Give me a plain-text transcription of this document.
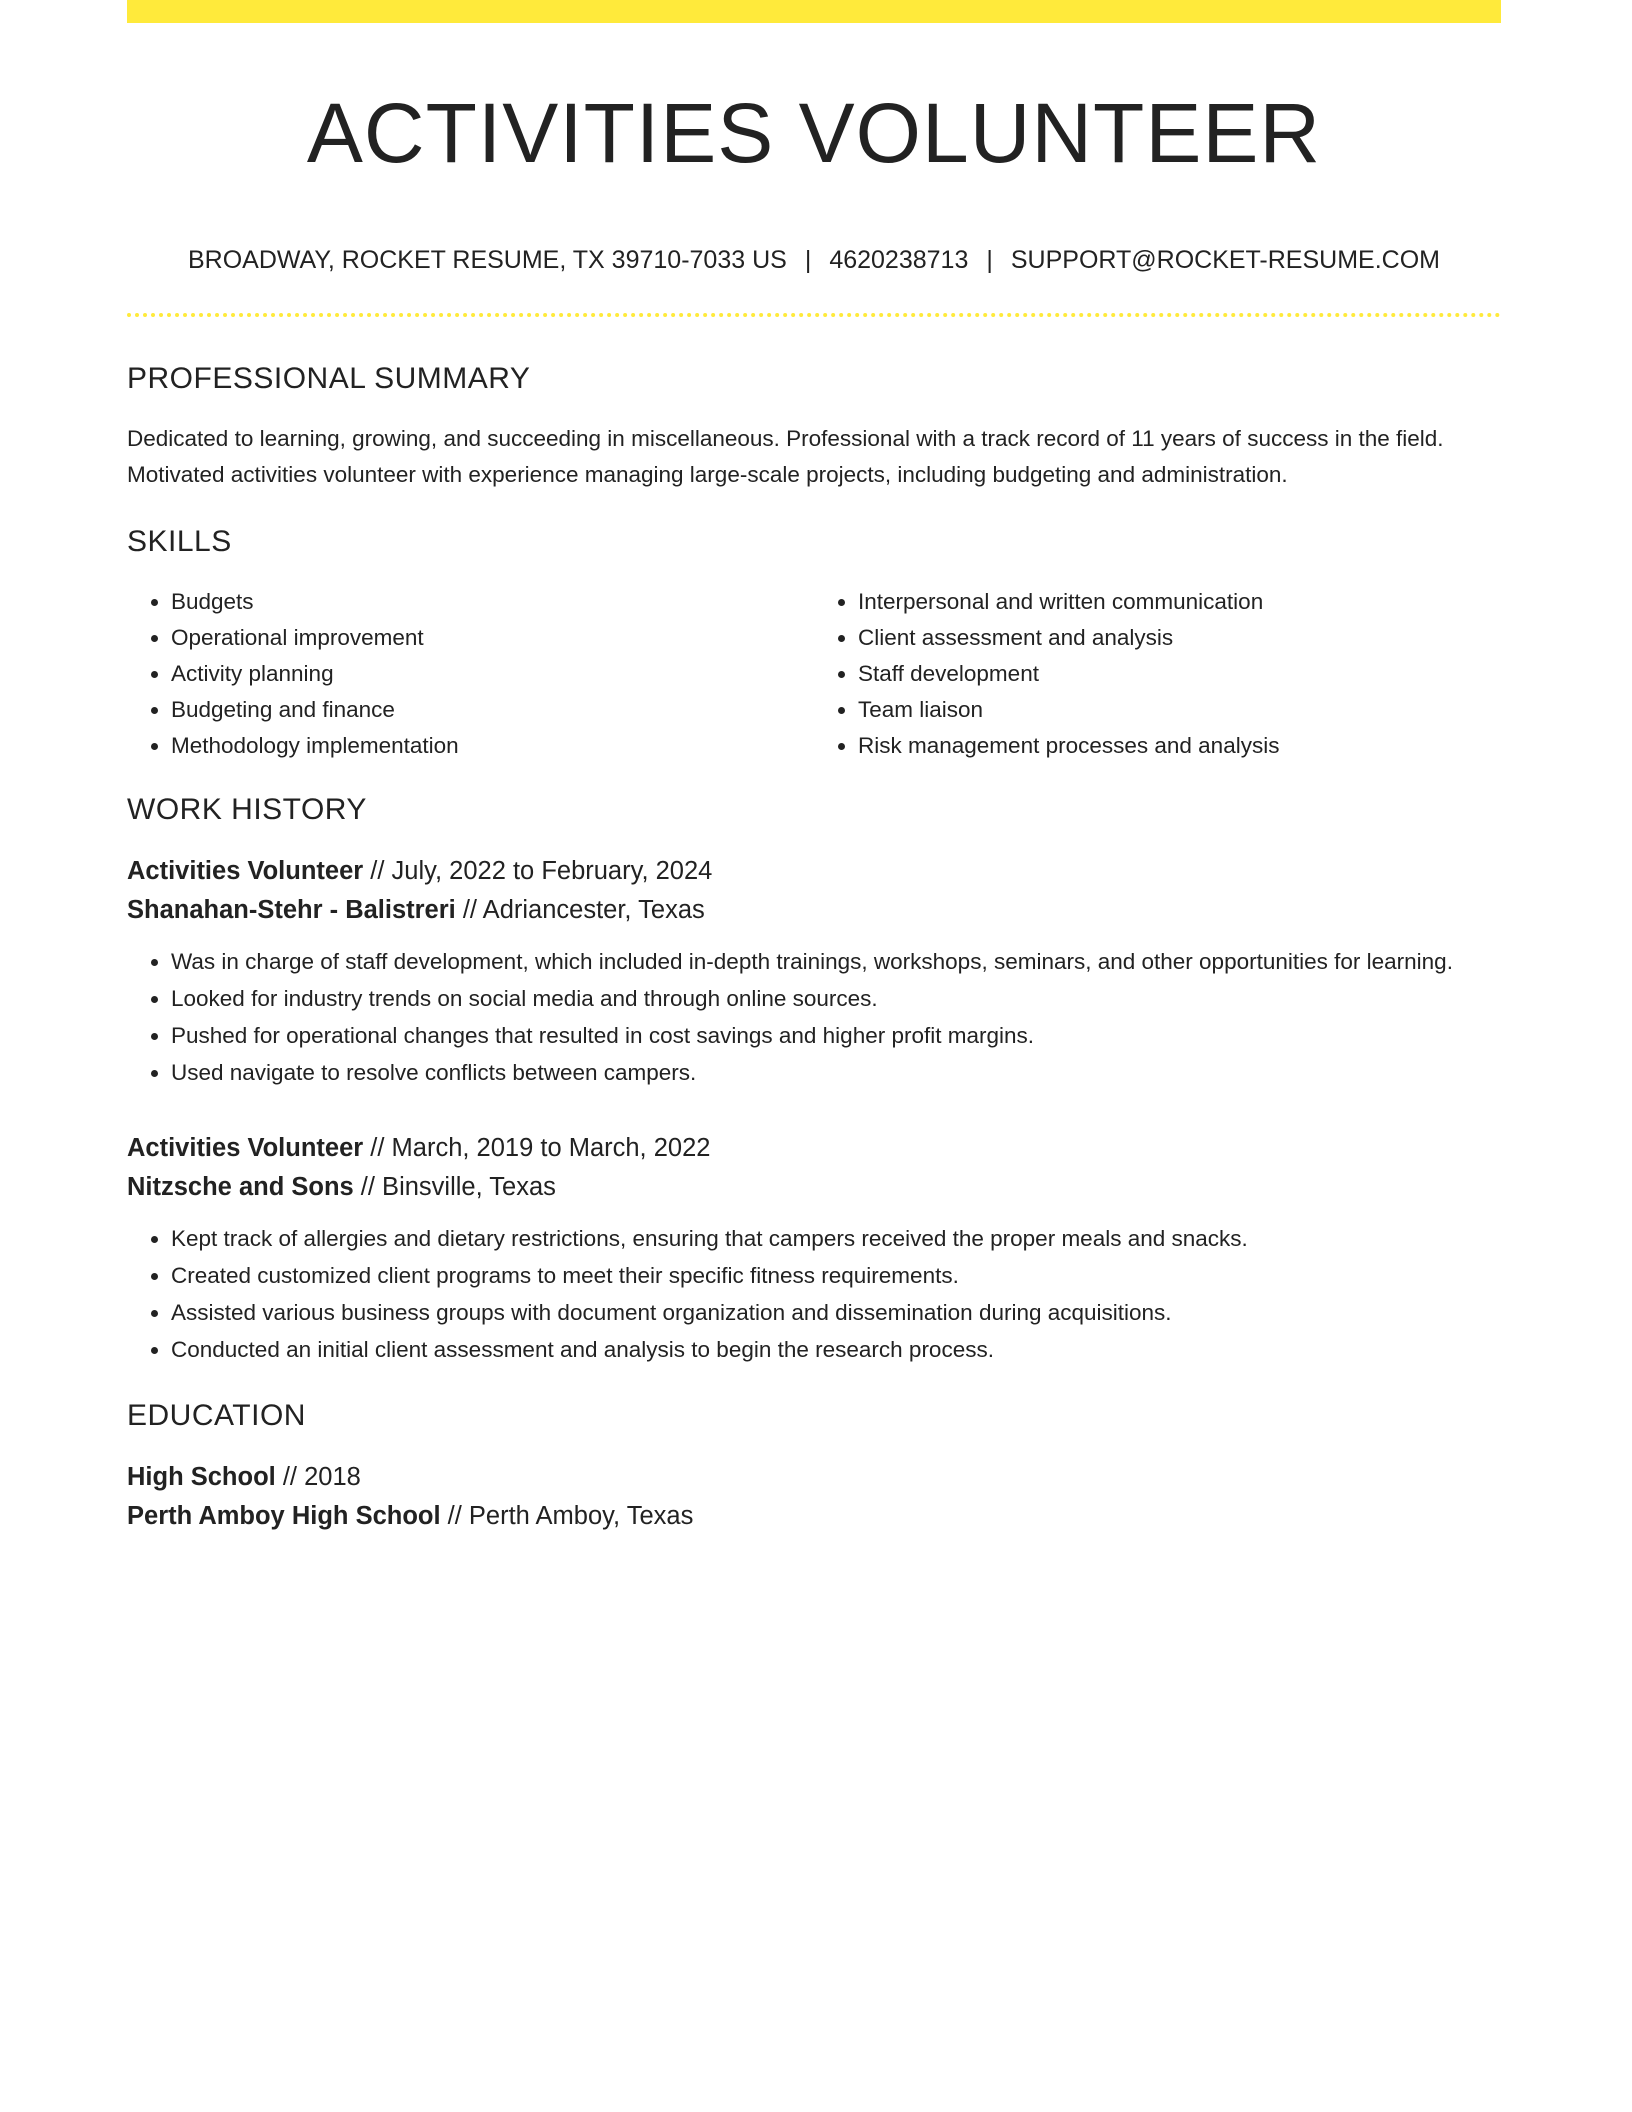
ACTIVITIES VOLUNTEER
BROADWAY, ROCKET RESUME, TX 39710-7033 US | 4620238713 | SUPPORT@ROCKET-RESUME.COM
PROFESSIONAL SUMMARY

Dedicated to learning, growing, and succeeding in miscellaneous. Professional with a track record of 11 years of success in the field. Motivated activities volunteer with experience managing large-scale projects, including budgeting and administration.

SKILLS
• Budgets
• Operational improvement
• Activity planning
• Budgeting and finance
• Methodology implementation
• Interpersonal and written communication
• Client assessment and analysis
• Staff development
• Team liaison
• Risk management processes and analysis
WORK HISTORY
Activities Volunteer // July, 2022 to February, 2024
Shanahan-Stehr - Balistreri // Adriancester, Texas
• Was in charge of staff development, which included in-depth trainings, workshops, seminars, and other opportunities for learning.
• Looked for industry trends on social media and through online sources.
• Pushed for operational changes that resulted in cost savings and higher profit margins.
• Used navigate to resolve conflicts between campers.
Activities Volunteer // March, 2019 to March, 2022
Nitzsche and Sons // Binsville, Texas
• Kept track of allergies and dietary restrictions, ensuring that campers received the proper meals and snacks.
• Created customized client programs to meet their specific fitness requirements.
• Assisted various business groups with document organization and dissemination during acquisitions.
• Conducted an initial client assessment and analysis to begin the research process.
EDUCATION
High School // 2018
Perth Amboy High School // Perth Amboy, Texas
